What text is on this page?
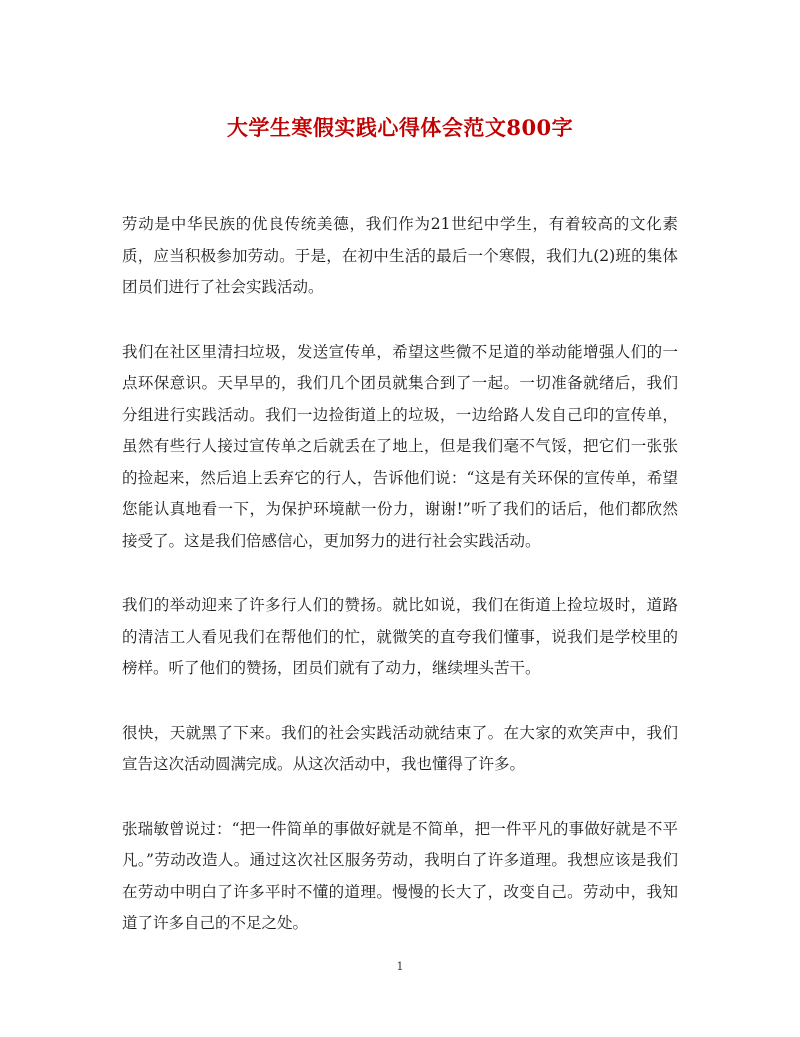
大学生寒假实践心得体会范文800字

劳动是中华民族的优良传统美德，我们作为21世纪中学生，有着较高的文化素质，应当积极参加劳动。于是，在初中生活的最后一个寒假，我们九(2)班的集体团员们进行了社会实践活动。

我们在社区里清扫垃圾，发送宣传单，希望这些微不足道的举动能增强人们的一点环保意识。天早早的，我们几个团员就集合到了一起。一切准备就绪后，我们分组进行实践活动。我们一边捡街道上的垃圾，一边给路人发自己印的宣传单，虽然有些行人接过宣传单之后就丢在了地上，但是我们毫不气馁，把它们一张张的捡起来，然后追上丢弃它的行人，告诉他们说：“这是有关环保的宣传单，希望您能认真地看一下，为保护环境献一份力，谢谢!”听了我们的话后，他们都欣然接受了。这是我们倍感信心，更加努力的进行社会实践活动。

我们的举动迎来了许多行人们的赞扬。就比如说，我们在街道上捡垃圾时，道路的清洁工人看见我们在帮他们的忙，就微笑的直夸我们懂事，说我们是学校里的榜样。听了他们的赞扬，团员们就有了动力，继续埋头苦干。

很快，天就黑了下来。我们的社会实践活动就结束了。在大家的欢笑声中，我们宣告这次活动圆满完成。从这次活动中，我也懂得了许多。

张瑞敏曾说过：“把一件简单的事做好就是不简单，把一件平凡的事做好就是不平凡。”劳动改造人。通过这次社区服务劳动，我明白了许多道理。我想应该是我们在劳动中明白了许多平时不懂的道理。慢慢的长大了，改变自己。劳动中，我知道了许多自己的不足之处。

1
